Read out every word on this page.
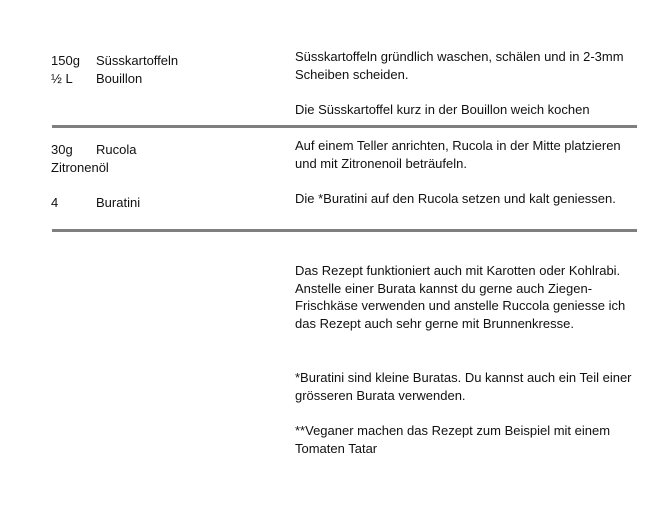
150g Süsskartoffeln
½ L Bouillon
Süsskartoffeln gründlich waschen, schälen und in 2-3mm Scheiben scheiden.
Die Süsskartoffel kurz in der Bouillon weich kochen
30g Rucola
Zitronenöl
4	Buratini
Auf einem Teller anrichten, Rucola in der Mitte platzieren und mit Zitronenoil beträufeln.
Die *Buratini auf den Rucola setzen und kalt geniessen.
Das Rezept funktioniert auch mit Karotten oder Kohlrabi. Anstelle einer Burata kannst du gerne auch Ziegen-Frischkäse verwenden und anstelle Ruccola geniesse ich das Rezept auch sehr gerne mit Brunnenkresse.
*Buratini sind kleine Buratas. Du kannst auch ein Teil einer grösseren Burata verwenden.
**Veganer machen das Rezept zum Beispiel mit einem Tomaten Tatar
